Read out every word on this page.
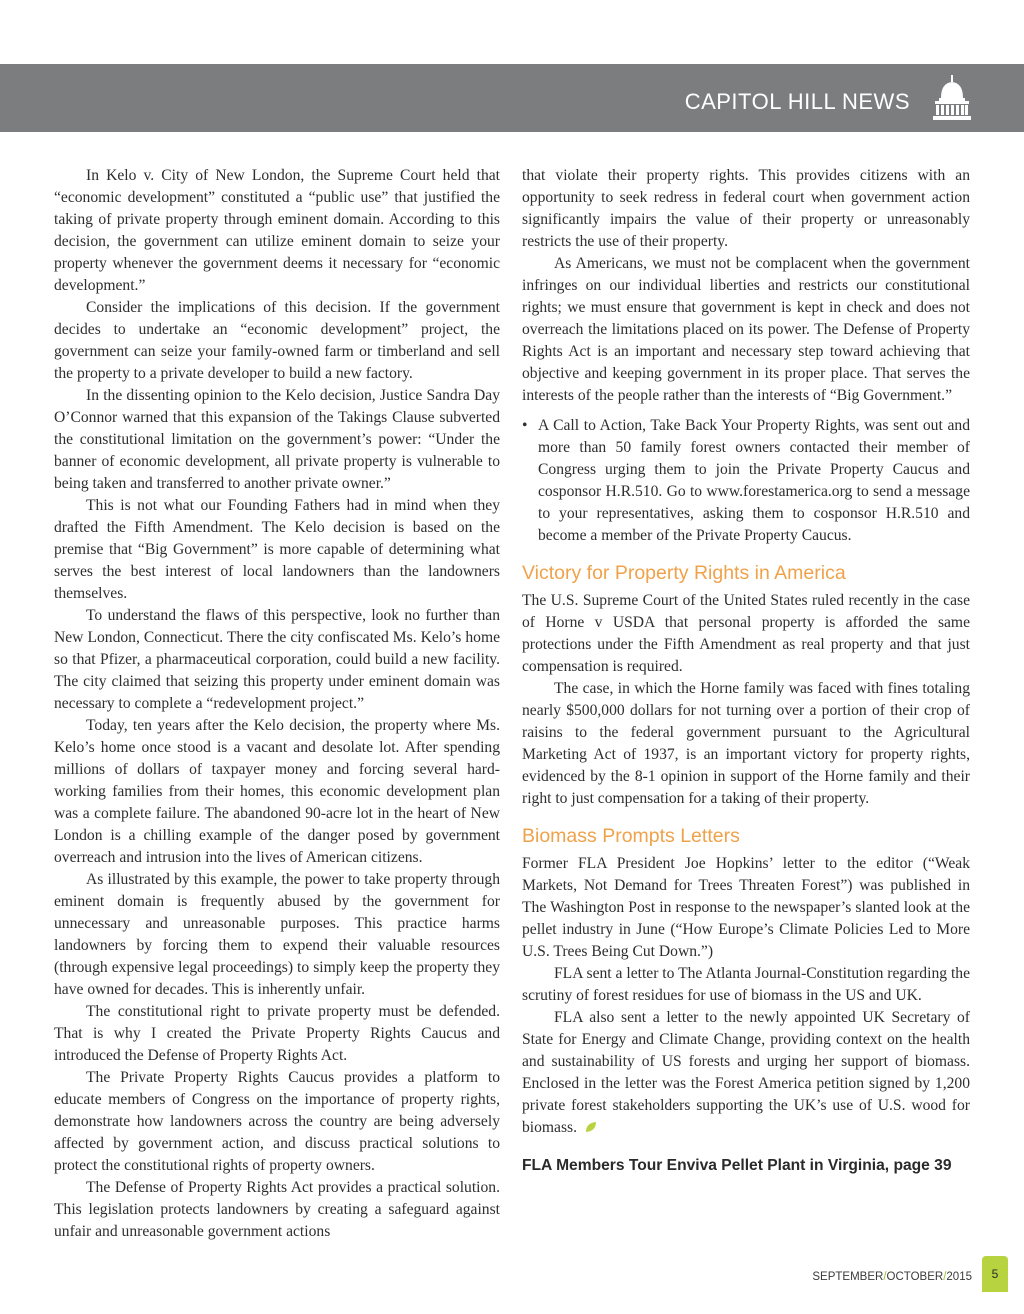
CAPITOL HILL NEWS

In Kelo v. City of New London, the Supreme Court held that “economic development” constituted a “public use” that justified the taking of private property through eminent domain. According to this decision, the government can utilize eminent domain to seize your property whenever the government deems it necessary for “economic development.”

Consider the implications of this decision. If the government decides to undertake an “economic development” project, the government can seize your family-owned farm or timberland and sell the property to a private developer to build a new factory.

In the dissenting opinion to the Kelo decision, Justice Sandra Day O’Connor warned that this expansion of the Takings Clause subverted the constitutional limitation on the government’s power: “Under the banner of economic development, all private property is vulnerable to being taken and transferred to another private owner.”

This is not what our Founding Fathers had in mind when they drafted the Fifth Amendment. The Kelo decision is based on the premise that “Big Government” is more capable of determining what serves the best interest of local landowners than the landowners themselves.

To understand the flaws of this perspective, look no further than New London, Connecticut. There the city confiscated Ms. Kelo’s home so that Pfizer, a pharmaceutical corporation, could build a new facility. The city claimed that seizing this property under eminent domain was necessary to complete a “redevelopment project.”

Today, ten years after the Kelo decision, the property where Ms. Kelo’s home once stood is a vacant and desolate lot. After spending millions of dollars of taxpayer money and forcing several hard-working families from their homes, this economic development plan was a complete failure. The abandoned 90-acre lot in the heart of New London is a chilling example of the danger posed by government overreach and intrusion into the lives of American citizens.

As illustrated by this example, the power to take property through eminent domain is frequently abused by the government for unnecessary and unreasonable purposes. This practice harms landowners by forcing them to expend their valuable resources (through expensive legal proceedings) to simply keep the property they have owned for decades. This is inherently unfair.

The constitutional right to private property must be defended. That is why I created the Private Property Rights Caucus and introduced the Defense of Property Rights Act.

The Private Property Rights Caucus provides a platform to educate members of Congress on the importance of property rights, demonstrate how landowners across the country are being adversely affected by government action, and discuss practical solutions to protect the constitutional rights of property owners.

The Defense of Property Rights Act provides a practical solution. This legislation protects landowners by creating a safeguard against unfair and unreasonable government actions

that violate their property rights. This provides citizens with an opportunity to seek redress in federal court when government action significantly impairs the value of their property or unreasonably restricts the use of their property.

As Americans, we must not be complacent when the government infringes on our individual liberties and restricts our constitutional rights; we must ensure that government is kept in check and does not overreach the limitations placed on its power. The Defense of Property Rights Act is an important and necessary step toward achieving that objective and keeping government in its proper place. That serves the interests of the people rather than the interests of “Big Government.”

• A Call to Action, Take Back Your Property Rights, was sent out and more than 50 family forest owners contacted their member of Congress urging them to join the Private Property Caucus and cosponsor H.R.510. Go to www.forestamerica.org to send a message to your representatives, asking them to cosponsor H.R.510 and become a member of the Private Property Caucus.
Victory for Property Rights in America

The U.S. Supreme Court of the United States ruled recently in the case of Horne v USDA that personal property is afforded the same protections under the Fifth Amendment as real property and that just compensation is required.

The case, in which the Horne family was faced with fines totaling nearly $500,000 dollars for not turning over a portion of their crop of raisins to the federal government pursuant to the Agricultural Marketing Act of 1937, is an important victory for property rights, evidenced by the 8-1 opinion in support of the Horne family and their right to just compensation for a taking of their property.

Biomass Prompts Letters

Former FLA President Joe Hopkins’ letter to the editor (“Weak Markets, Not Demand for Trees Threaten Forest”) was published in The Washington Post in response to the newspaper’s slanted look at the pellet industry in June (“How Europe’s Climate Policies Led to More U.S. Trees Being Cut Down.”)

FLA sent a letter to The Atlanta Journal-Constitution regarding the scrutiny of forest residues for use of biomass in the US and UK.

FLA also sent a letter to the newly appointed UK Secretary of State for Energy and Climate Change, providing context on the health and sustainability of US forests and urging her support of biomass. Enclosed in the letter was the Forest America petition signed by 1,200 private forest stakeholders supporting the UK’s use of U.S. wood for biomass.

FLA Members Tour Enviva Pellet Plant in Virginia, page 39
SEPTEMBER/OCTOBER/2015	5
